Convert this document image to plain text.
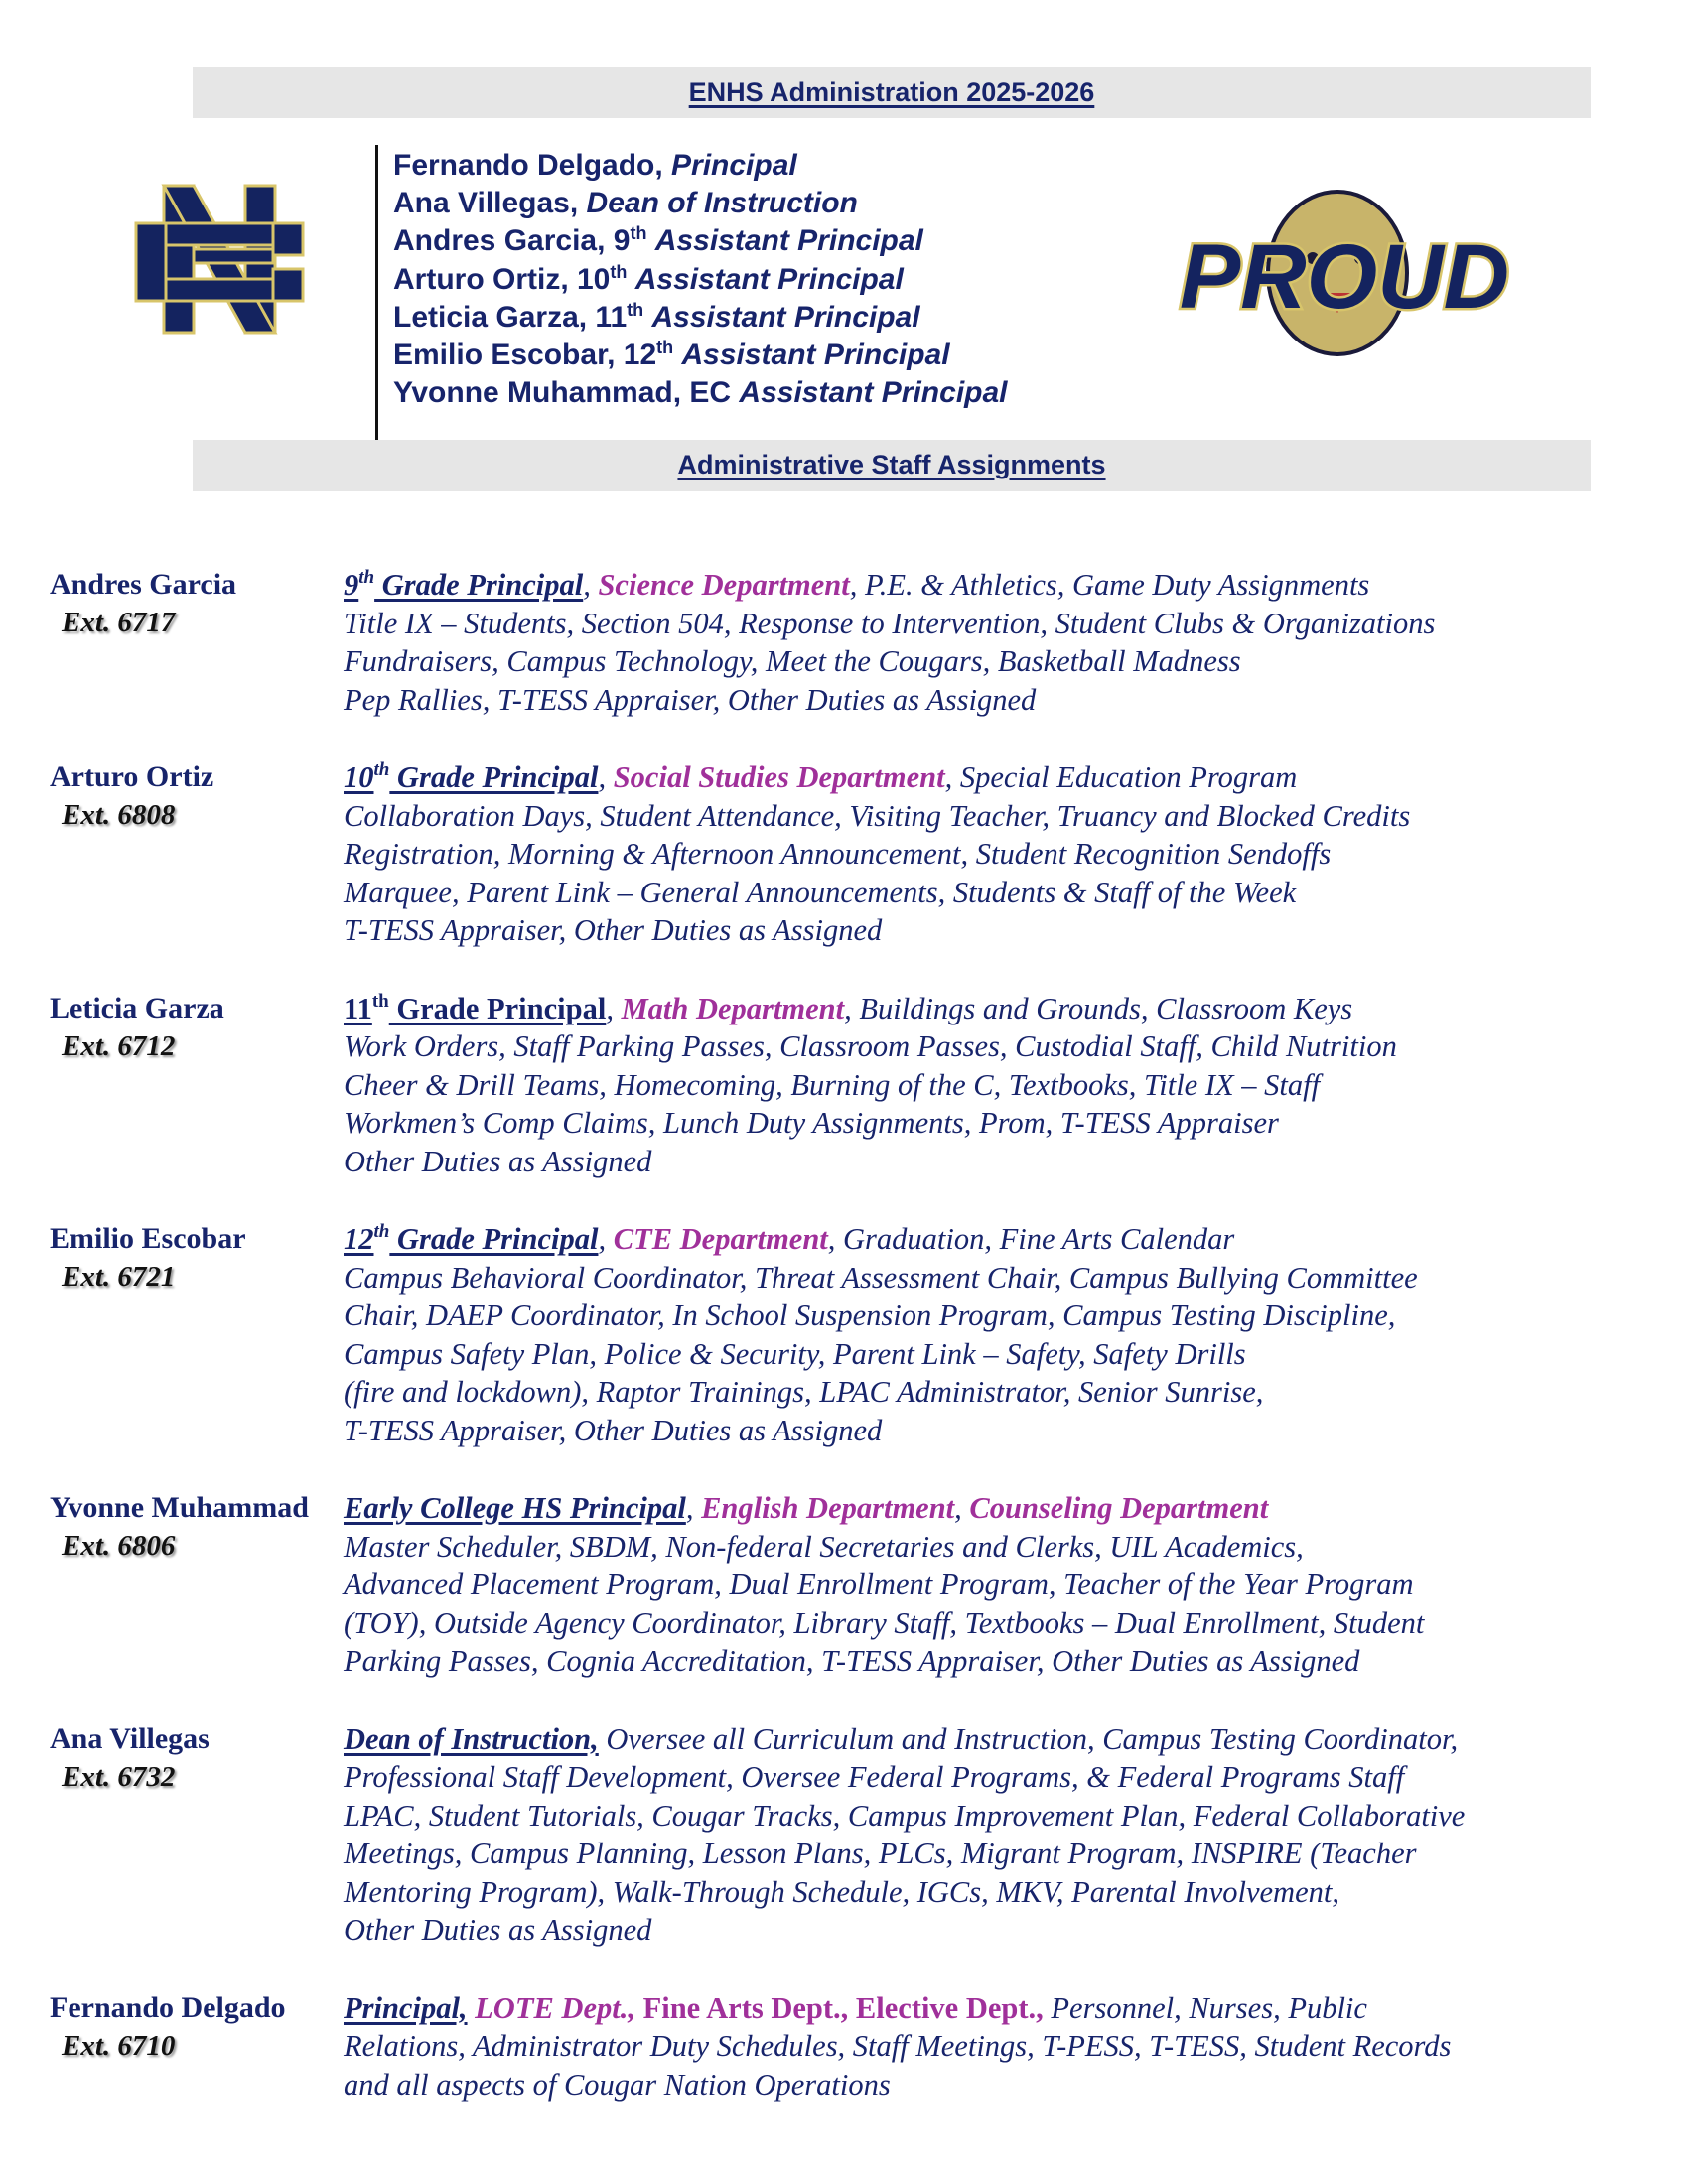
ENHS Administration 2025-2026
Fernando Delgado, Principal
Ana Villegas, Dean of Instruction
Andres Garcia, 9th Assistant Principal
Arturo Ortiz, 10th Assistant Principal
Leticia Garza, 11th Assistant Principal
Emilio Escobar, 12th Assistant Principal
Yvonne Muhammad, EC Assistant Principal
PROUD
Administrative Staff Assignments
Andres Garcia
Ext. 6717
9th Grade Principal, Science Department, P.E. & Athletics, Game Duty Assignments
Title IX – Students, Section 504, Response to Intervention, Student Clubs & Organizations
Fundraisers, Campus Technology, Meet the Cougars, Basketball Madness
Pep Rallies, T-TESS Appraiser, Other Duties as Assigned
Arturo Ortiz
Ext. 6808
10th Grade Principal, Social Studies Department, Special Education Program
Collaboration Days, Student Attendance, Visiting Teacher, Truancy and Blocked Credits
Registration, Morning & Afternoon Announcement, Student Recognition Sendoffs
Marquee, Parent Link – General Announcements, Students & Staff of the Week
T-TESS Appraiser, Other Duties as Assigned
Leticia Garza
Ext. 6712
11th Grade Principal, Math Department, Buildings and Grounds, Classroom Keys
Work Orders, Staff Parking Passes, Classroom Passes, Custodial Staff, Child Nutrition
Cheer & Drill Teams, Homecoming, Burning of the C, Textbooks, Title IX – Staff
Workmen’s Comp Claims, Lunch Duty Assignments, Prom, T-TESS Appraiser
Other Duties as Assigned
Emilio Escobar
Ext. 6721
12th Grade Principal, CTE Department, Graduation, Fine Arts Calendar
Campus Behavioral Coordinator, Threat Assessment Chair, Campus Bullying Committee
Chair, DAEP Coordinator, In School Suspension Program, Campus Testing Discipline,
Campus Safety Plan, Police & Security, Parent Link – Safety, Safety Drills
(fire and lockdown), Raptor Trainings, LPAC Administrator, Senior Sunrise,
T-TESS Appraiser, Other Duties as Assigned
Yvonne Muhammad
Ext. 6806
Early College HS Principal, English Department, Counseling Department
Master Scheduler, SBDM, Non-federal Secretaries and Clerks, UIL Academics,
Advanced Placement Program, Dual Enrollment Program, Teacher of the Year Program
(TOY), Outside Agency Coordinator, Library Staff, Textbooks – Dual Enrollment, Student
Parking Passes, Cognia Accreditation, T-TESS Appraiser, Other Duties as Assigned
Ana Villegas
Ext. 6732
Dean of Instruction, Oversee all Curriculum and Instruction, Campus Testing Coordinator,
Professional Staff Development, Oversee Federal Programs, & Federal Programs Staff
LPAC, Student Tutorials, Cougar Tracks, Campus Improvement Plan, Federal Collaborative
Meetings, Campus Planning, Lesson Plans, PLCs, Migrant Program, INSPIRE (Teacher
Mentoring Program), Walk-Through Schedule, IGCs, MKV, Parental Involvement,
Other Duties as Assigned
Fernando Delgado
Ext. 6710
Principal, LOTE Dept., Fine Arts Dept., Elective Dept., Personnel, Nurses, Public
Relations, Administrator Duty Schedules, Staff Meetings, T-PESS, T-TESS, Student Records
and all aspects of Cougar Nation Operations
